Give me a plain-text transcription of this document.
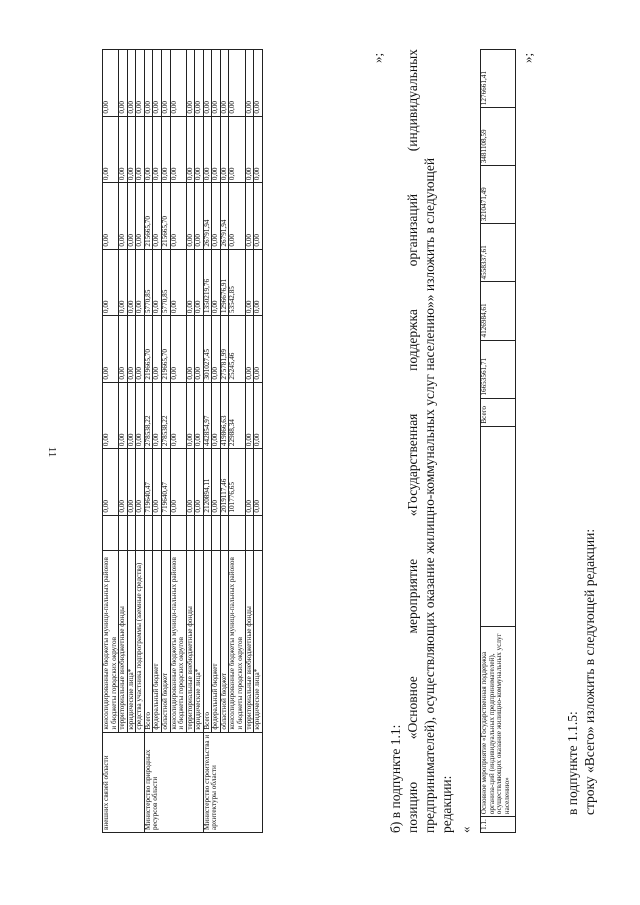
11
внешних связей области	консолидированные бюджеты муници-пальных районов и бюджеты городских округов		0,00	0,00	0,00	0,00	0,00	0,00	0,00
	территориальные внебюджетные фонды		0,00	0,00	0,00	0,00	0,00	0,00	0,00
	юридические лица*		0,00	0,00	0,00	0,00	0,00	0,00	0,00
	средства участника подпрограммы (заемные средства)		0,00	0,00	0,00	0,00	0,00	0,00	0,00
Министерство природных ресурсов области	Всего		719640,47	278538,22	219665,70	5770,85	215665,70	0,00	0,00
	федеральный бюджет		0,00	0,00	0,00	0,00	0,00	0,00	0,00
	областной бюджет		719640,47	278538,22	219665,70	5770,85	215665,70	0,00	0,00
	консолидированные бюджеты муници-пальных районов и бюджеты городских округов		0,00	0,00	0,00	0,00	0,00	0,00	0,00
	территориальные внебюджетные фонды		0,00	0,00	0,00	0,00	0,00	0,00	0,00
	юридические лица*		0,00	0,00	0,00	0,00	0,00	0,00	0,00
Министерство строительства и архитектуры области	Всего		2120894,11	442854,97	301027,45	1350219,76	26791,94	0,00	0,00
	федеральный бюджет		0,00	0,00	0,00	0,00	0,00	0,00	0,00
	областной бюджет		2019117,46	419866,63	275781,99	1296676,91	26791,94	0,00	0,00
	консолидированные бюджеты муници-пальных районов и бюджеты городских округов		101776,65	22988,34	25245,46	53542,85	0,00	0,00	0,00
	территориальные внебюджетные фонды		0,00	0,00	0,00	0,00	0,00	0,00	0,00
	юридические лица*		0,00	0,00	0,00	0,00	0,00	0,00	0,00
»;
б) в подпункте 1.1: позицию
«Основное
мероприятие
«Государственная
поддержка
организаций
(индивидуальных
предпринимателей), осуществляющих оказание жилищно-коммунальных услуг населению»» изложить в следующей редакции: « 1.1.	Основное мероприятие «Государственная поддержка организа-ций (индивидуальных предпринимателей), осуществляющих оказание жилищно-коммунальных услуг населению»		Всего	16653561,71	4126984,61	4558337,61	3210471,49	3481108,59	1276661,41
»;
в подпункте 1.1.5: строку «Всего» изложить в следующей редакции:
